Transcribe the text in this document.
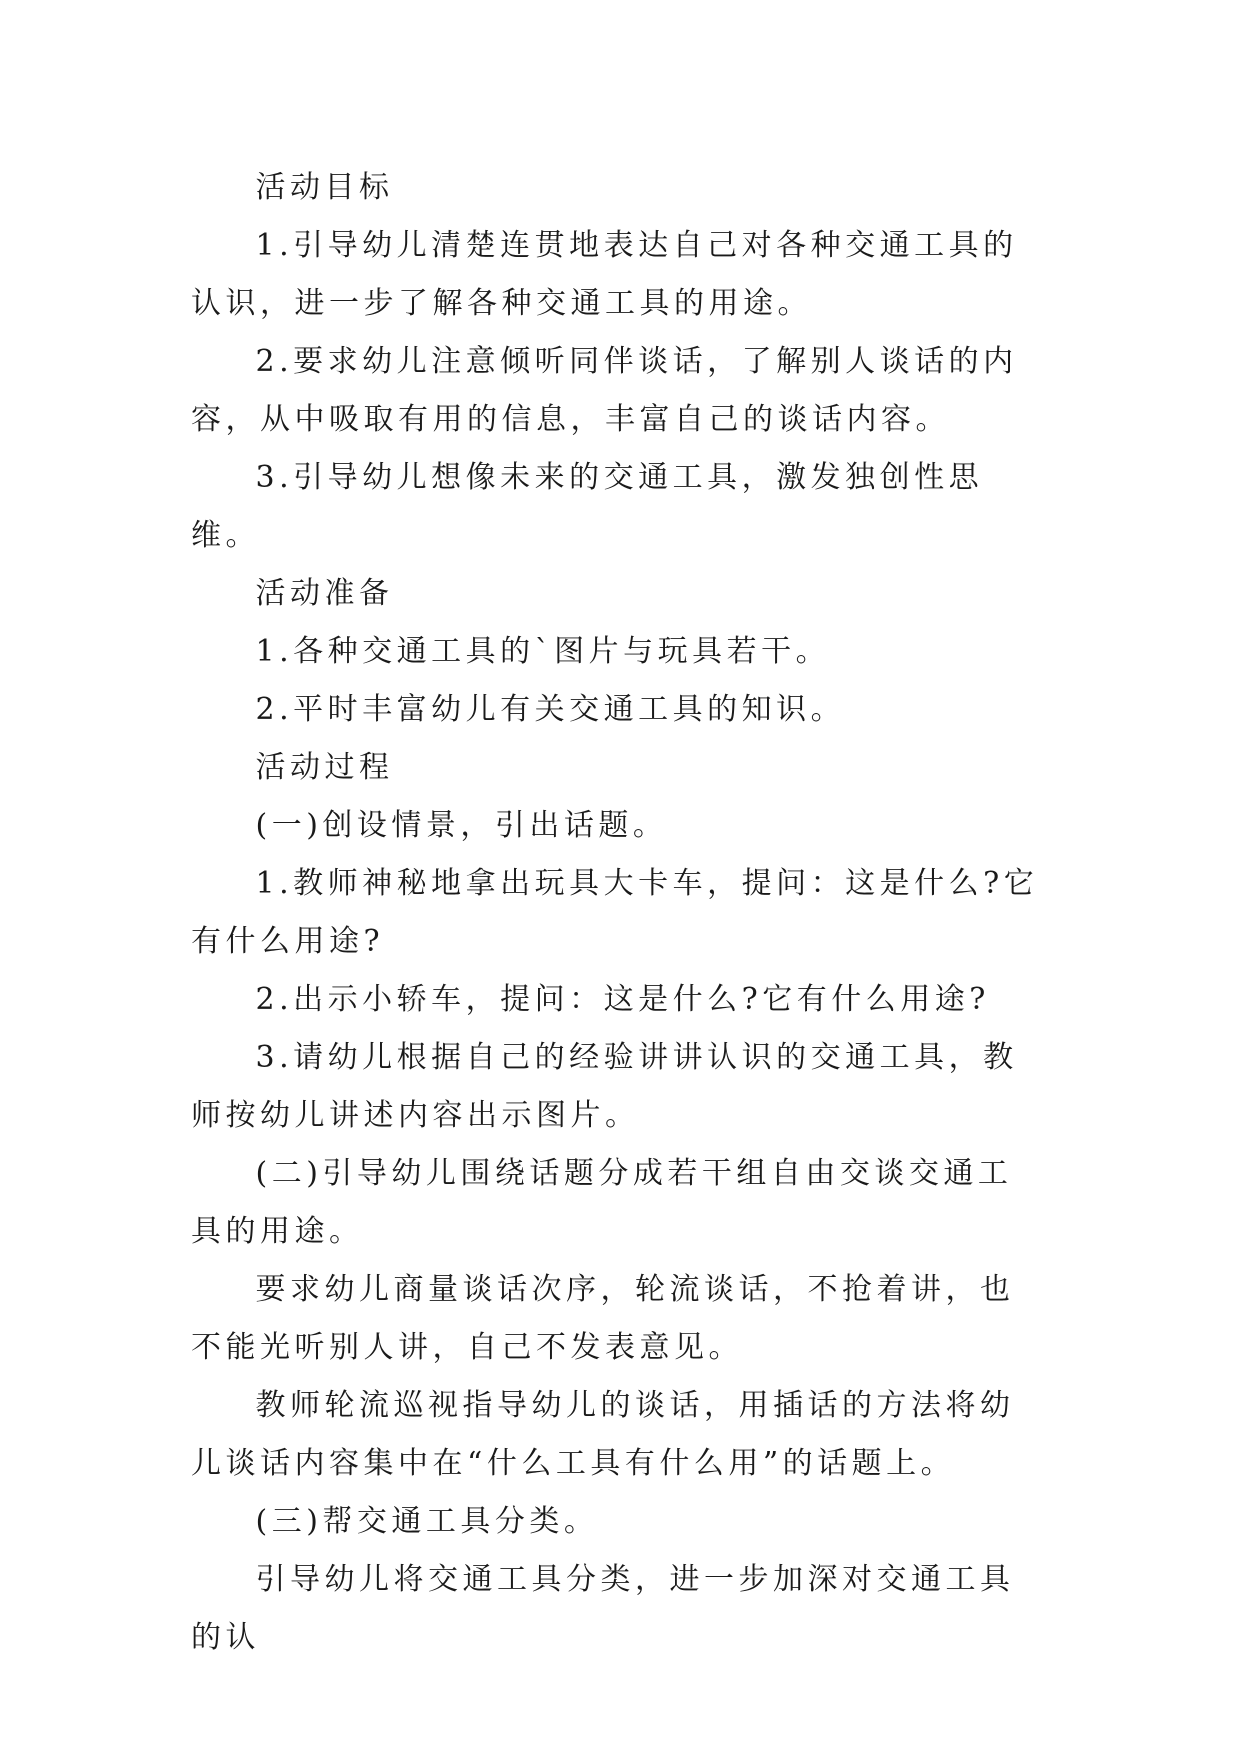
活动目标

1.引导幼儿清楚连贯地表达自己对各种交通工具的认识，进一步了解各种交通工具的用途。

2.要求幼儿注意倾听同伴谈话，了解别人谈话的内容，从中吸取有用的信息，丰富自己的谈话内容。

3.引导幼儿想像未来的交通工具，激发独创性思维。

活动准备

1.各种交通工具的`图片与玩具若干。

2.平时丰富幼儿有关交通工具的知识。

活动过程

(一)创设情景，引出话题。

1.教师神秘地拿出玩具大卡车，提问：这是什么?它有什么用途?

2.出示小轿车，提问：这是什么?它有什么用途?

3.请幼儿根据自己的经验讲讲认识的交通工具，教师按幼儿讲述内容出示图片。

(二)引导幼儿围绕话题分成若干组自由交谈交通工具的用途。

要求幼儿商量谈话次序，轮流谈话，不抢着讲，也不能光听别人讲，自己不发表意见。

教师轮流巡视指导幼儿的谈话，用插话的方法将幼儿谈话内容集中在“什么工具有什么用”的话题上。

(三)帮交通工具分类。

引导幼儿将交通工具分类，进一步加深对交通工具的认
